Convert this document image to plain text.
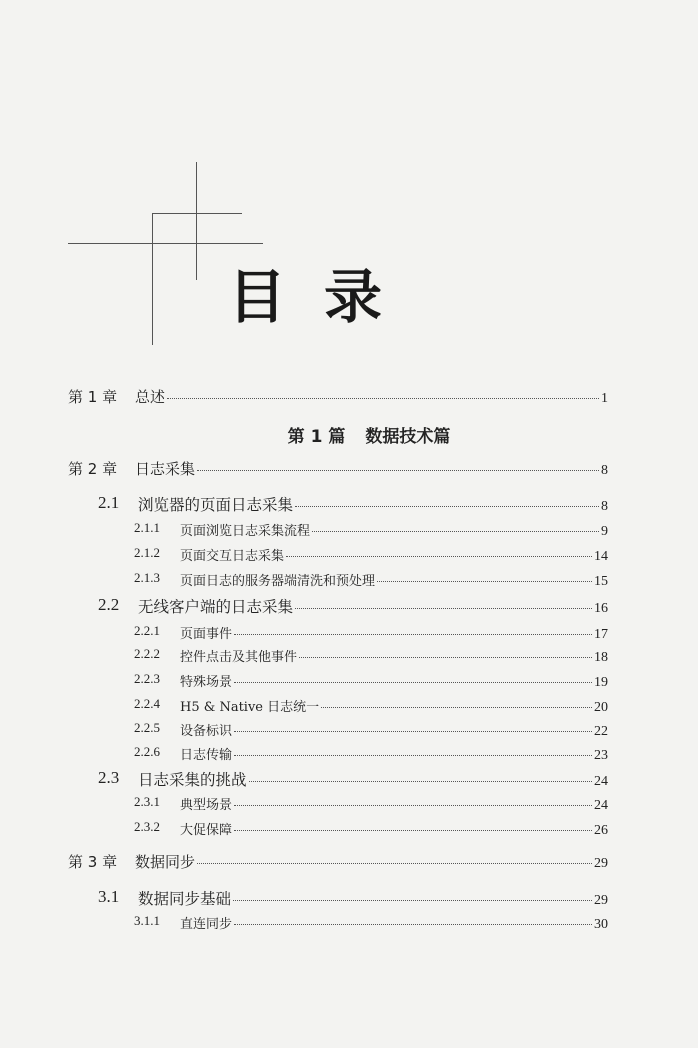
目录
第 1 章 总述	1
第 1 篇 数据技术篇
第 2 章 日志采集	8
2.1 浏览器的页面日志采集	8
2.1.1 页面浏览日志采集流程	9
2.1.2 页面交互日志采集	14
2.1.3 页面日志的服务器端清洗和预处理	15
2.2 无线客户端的日志采集	16
2.2.1 页面事件	17
2.2.2 控件点击及其他事件	18
2.2.3 特殊场景	19
2.2.4 H5 & Native 日志统一	20
2.2.5 设备标识	22
2.2.6 日志传输	23
2.3 日志采集的挑战	24
2.3.1 典型场景	24
2.3.2 大促保障	26
第 3 章 数据同步	29
3.1 数据同步基础	29
3.1.1 直连同步	30
